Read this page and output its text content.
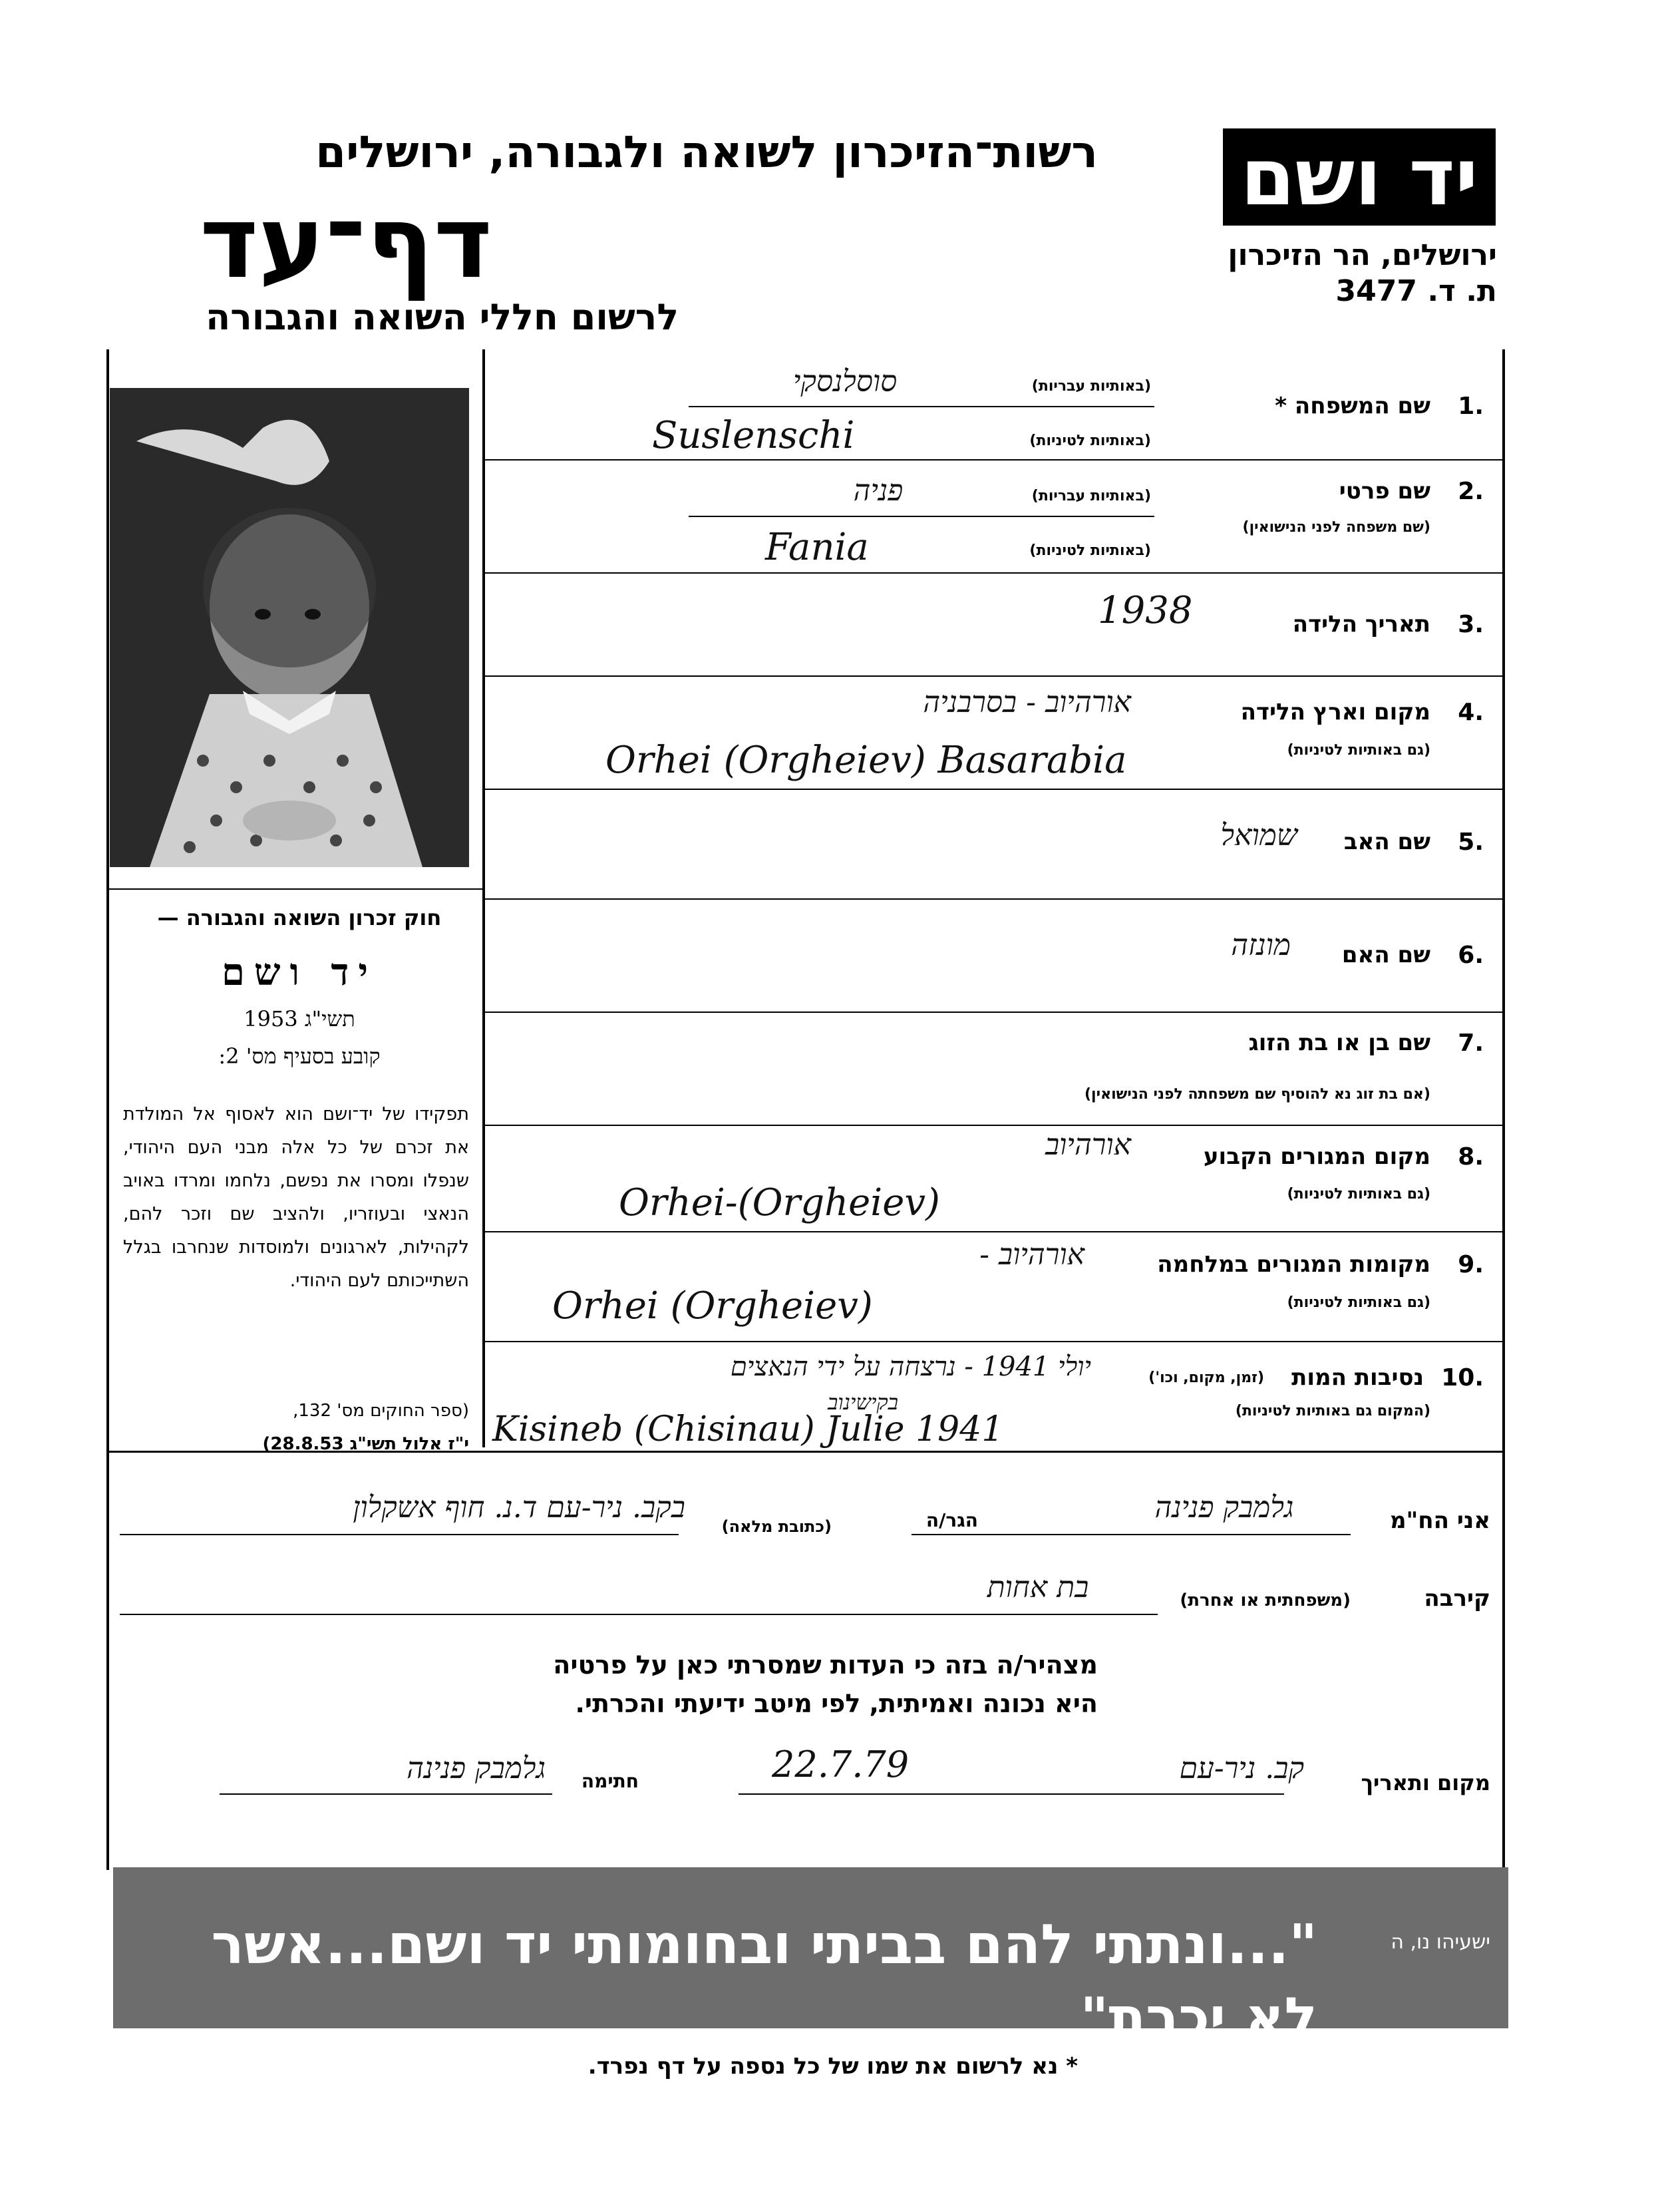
יד ושם
ירושלים, הר הזיכרון
ת. ד. 3477
רשות־הזיכרון לשואה ולגבורה, ירושלים
דף־עד
לרשום חללי השואה והגבורה
חוק זכרון השואה והגבורה —
יד ושם
תשי"ג 1953
קובע בסעיף מס' 2:
תפקידו של יד־ושם הוא לאסוף אל המולדת את זכרם של כל אלה מבני העם היהודי, שנפלו ומסרו את נפשם, נלחמו ומרדו באויב הנאצי ובעוזריו, ולהציב שם וזכר להם, לקהילות, לארגונים ולמוסדות שנחרבו בגלל השתייכותם לעם היהודי.
(ספר החוקים מס' 132,
י"ז אלול תשי"ג 28.8.53)
1.
שם המשפחה *
(באותיות עבריות)
סוסלנסקי
(באותיות לטיניות)
Suslenschi
2.
שם פרטי
(שם משפחה לפני הנישואין)
(באותיות עבריות)
פניה
(באותיות לטיניות)
Fania
3.
תאריך הלידה
1938
4.
מקום וארץ הלידה
אורהיוב - בסרבניה
(גם באותיות לטיניות)
Orhei (Orgheiev) Basarabia
5.
שם האב
שמואל
6.
שם האם
מונזה
7.
שם בן או בת הזוג
(אם בת זוג נא להוסיף שם משפחתה לפני הנישואין)
8.
מקום המגורים הקבוע
אורהיוב
(גם באותיות לטיניות)
Orhei-(Orgheiev)
9.
מקומות המגורים במלחמה
אורהיוב -
(גם באותיות לטיניות)
Orhei (Orgheiev)
10.
נסיבות המות
(זמן, מקום, וכו')
(המקום גם באותיות לטיניות)
יולי 1941 - נרצחה על ידי הנאצים
בקישינוב
Kisineb (Chisinau) Julie 1941
אני הח"מ
גלמבק פנינה
הגר/ה
(כתובת מלאה)
בקב. ניר-עם ד.נ. חוף אשקלון
קירבה
(משפחתית או אחרת)
בת אחות
מצהיר/ה בזה כי העדות שמסרתי כאן על פרטיה
היא נכונה ואמיתית, לפי מיטב ידיעתי והכרתי.
מקום ותאריך
קב. ניר-עם
22.7.79
חתימה
גלמבק פנינה
"...ונתתי להם בביתי ובחומותי יד ושם...אשר לא יכרת"
ישעיהו נו, ה
* נא לרשום את שמו של כל נספה על דף נפרד.
